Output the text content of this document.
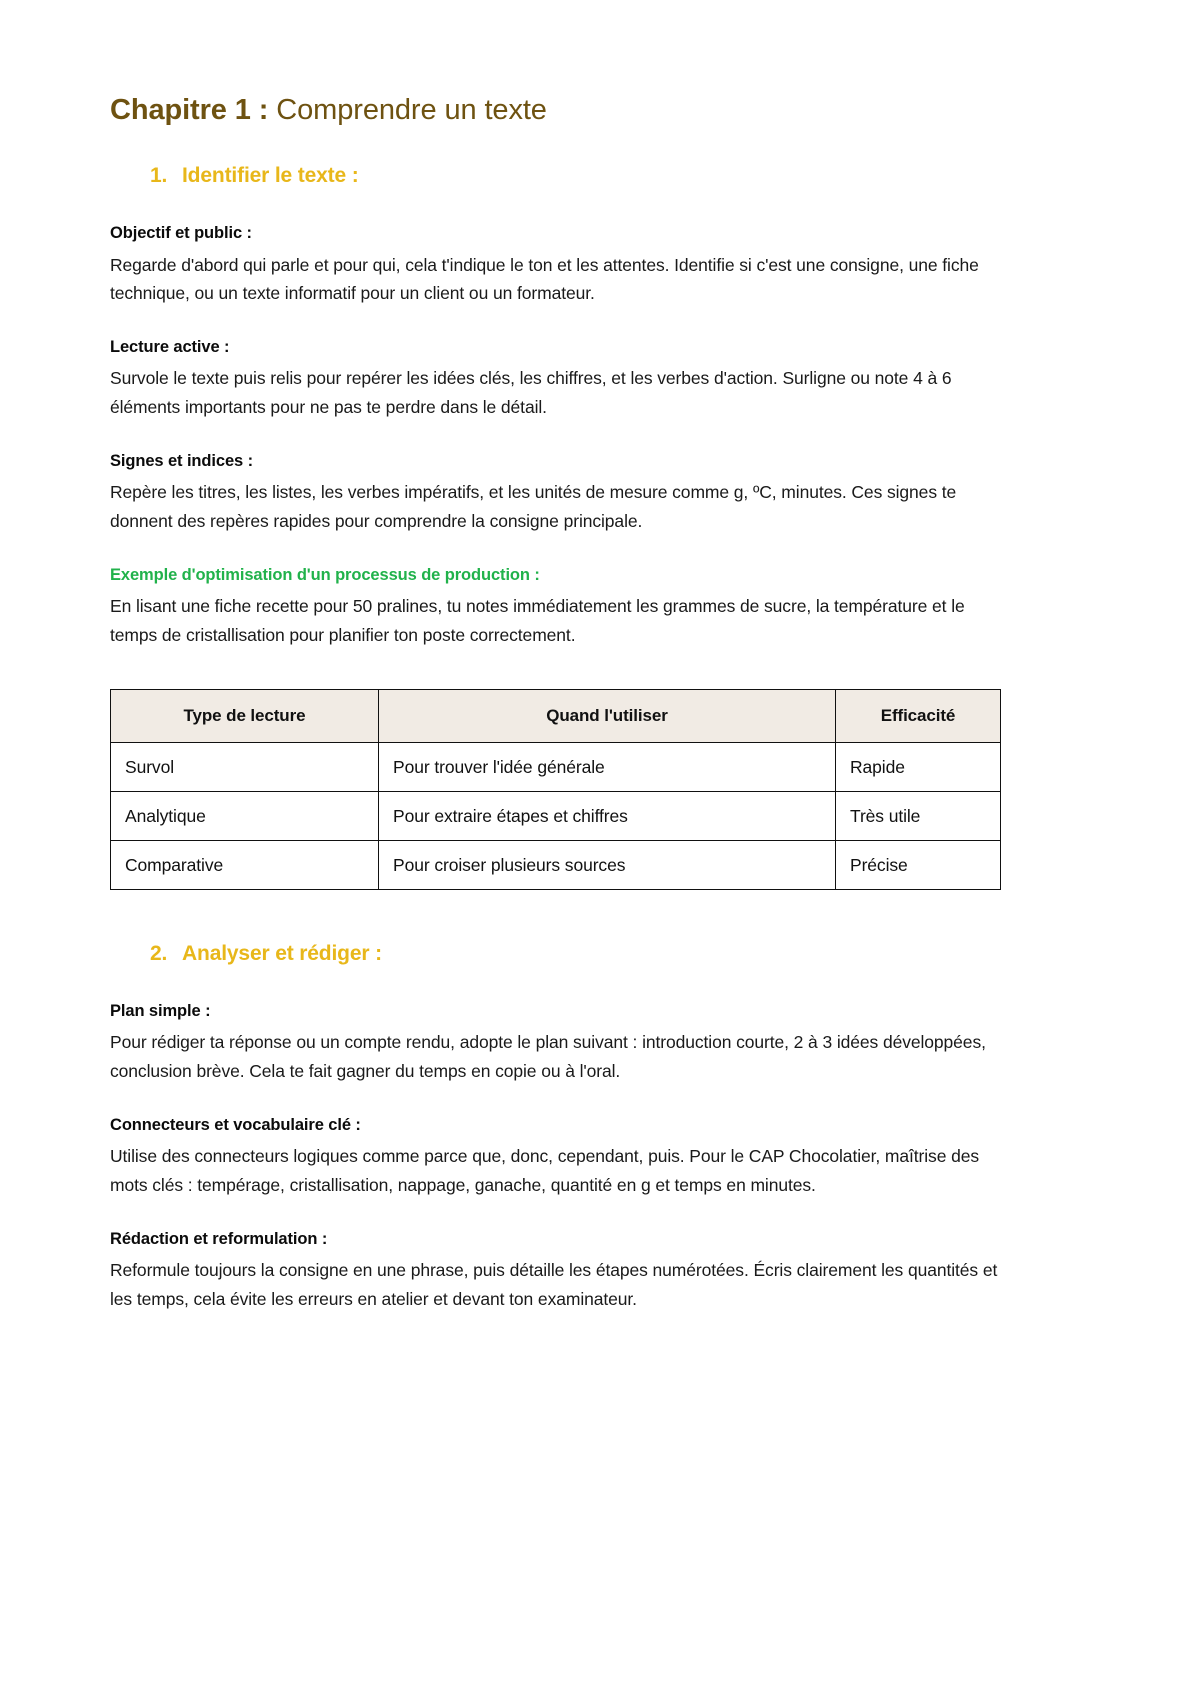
Chapitre 1 : Comprendre un texte
1. Identifier le texte :
Objectif et public :

Regarde d'abord qui parle et pour qui, cela t'indique le ton et les attentes. Identifie si c'est une consigne, une fiche technique, ou un texte informatif pour un client ou un formateur.

Lecture active :

Survole le texte puis relis pour repérer les idées clés, les chiffres, et les verbes d'action. Surligne ou note 4 à 6 éléments importants pour ne pas te perdre dans le détail.

Signes et indices :

Repère les titres, les listes, les verbes impératifs, et les unités de mesure comme g, ºC, minutes. Ces signes te donnent des repères rapides pour comprendre la consigne principale.

Exemple d'optimisation d'un processus de production :

En lisant une fiche recette pour 50 pralines, tu notes immédiatement les grammes de sucre, la température et le temps de cristallisation pour planifier ton poste correctement.

Type de lecture	Quand l'utiliser	Efficacité
Survol	Pour trouver l'idée générale	Rapide
Analytique	Pour extraire étapes et chiffres	Très utile
Comparative	Pour croiser plusieurs sources	Précise
2. Analyser et rédiger :
Plan simple :

Pour rédiger ta réponse ou un compte rendu, adopte le plan suivant : introduction courte, 2 à 3 idées développées, conclusion brève. Cela te fait gagner du temps en copie ou à l'oral.

Connecteurs et vocabulaire clé :

Utilise des connecteurs logiques comme parce que, donc, cependant, puis. Pour le CAP Chocolatier, maîtrise des mots clés : tempérage, cristallisation, nappage, ganache, quantité en g et temps en minutes.

Rédaction et reformulation :

Reformule toujours la consigne en une phrase, puis détaille les étapes numérotées. Écris clairement les quantités et les temps, cela évite les erreurs en atelier et devant ton examinateur.
